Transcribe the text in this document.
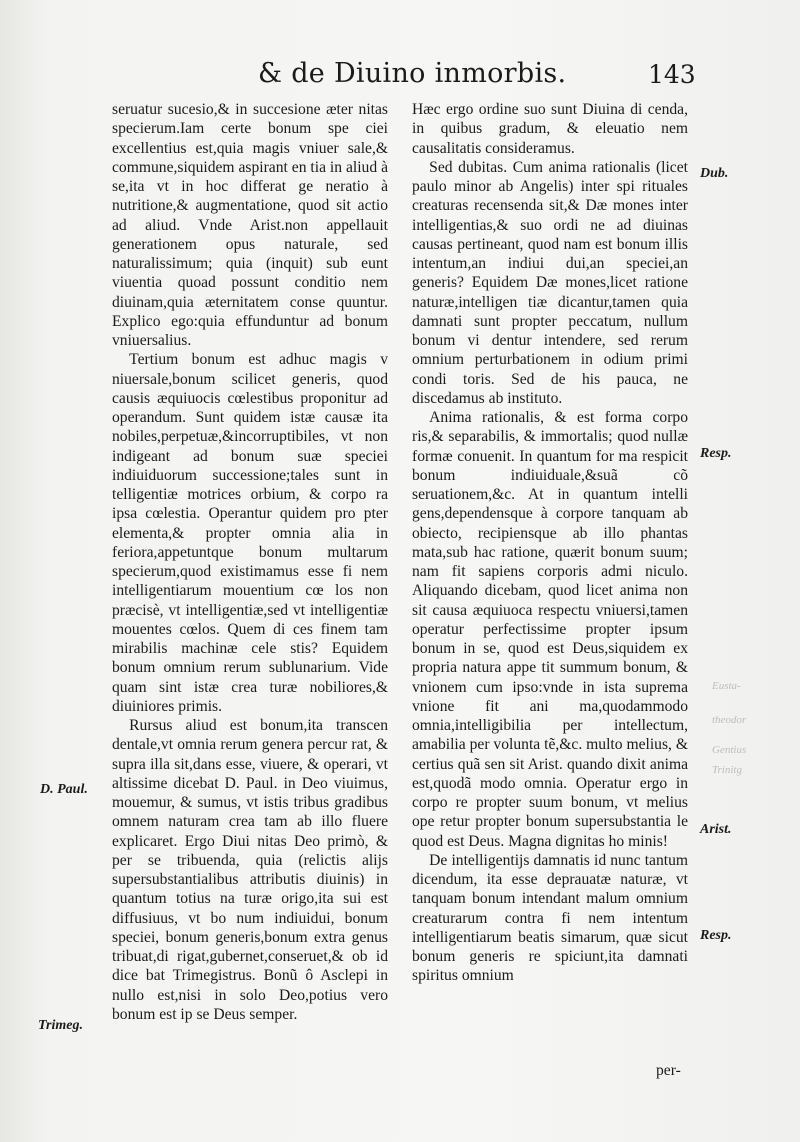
& de Diuino inmorbis.	143

seruatur sucesio,& in succesione æter nitas specierum.Iam certe bonum spe ciei excellentius est,quia magis vniuer sale,& commune,siquidem aspirant en tia in aliud à se,ita vt in hoc differat ge neratio à nutritione,& augmentatione, quod sit actio ad aliud. Vnde Arist.non appellauit generationem opus naturale, sed naturalissimum; quia (inquit) sub eunt viuentia quoad possunt conditio nem diuinam,quia æternitatem conse quuntur. Explico ego:quia effunduntur ad bonum vniuersalius.

Tertium bonum est adhuc magis v niuersale,bonum scilicet generis, quod causis æquiuocis cœlestibus proponitur ad operandum. Sunt quidem istæ causæ ita nobiles,perpetuæ,&incorruptibiles, vt non indigeant ad bonum suæ speciei indiuiduorum successione;tales sunt in telligentiæ motrices orbium, & corpo ra ipsa cœlestia. Operantur quidem pro pter elementa,& propter omnia alia in feriora,appetuntque bonum multarum specierum,quod existimamus esse fi nem intelligentiarum mouentium cœ los non præcisè, vt intelligentiæ,sed vt intelligentiæ mouentes cœlos. Quem di ces finem tam mirabilis machinæ cele stis? Equidem bonum omnium rerum sublunarium. Vide quam sint istæ crea turæ nobiliores,& diuiniores primis.

Rursus aliud est bonum,ita transcen dentale,vt omnia rerum genera percur rat, & supra illa sit,dans esse, viuere, & operari, vt altissime dicebat D. Paul. in Deo viuimus, mouemur, & sumus, vt istis tribus gradibus omnem naturam crea tam ab illo fluere explicaret. Ergo Diui nitas Deo primò, & per se tribuenda, quia (relictis alijs supersubstantialibus attributis diuinis) in quantum totius na turæ origo,ita sui est diffusiuus, vt bo num indiuidui, bonum speciei, bonum generis,bonum extra genus tribuat,di rigat,gubernet,conseruet,& ob id dice bat Trimegistrus. Bonũ ô Asclepi in nullo est,nisi in solo Deo,potius vero bonum est ip se Deus semper.

Hæc ergo ordine suo sunt Diuina di cenda, in quibus gradum, & eleuatio nem causalitatis consideramus.

Sed dubitas. Cum anima rationalis (licet paulo minor ab Angelis) inter spi rituales creaturas recensenda sit,& Dæ mones inter intelligentias,& suo ordi ne ad diuinas causas pertineant, quod nam est bonum illis intentum,an indiui dui,an speciei,an generis? Equidem Dæ mones,licet ratione naturæ,intelligen tiæ dicantur,tamen quia damnati sunt propter peccatum, nullum bonum vi dentur intendere, sed rerum omnium perturbationem in odium primi condi toris. Sed de his pauca, ne discedamus ab instituto.

Anima rationalis, & est forma corpo ris,& separabilis, & immortalis; quod nullæ formæ conuenit. In quantum for ma respicit bonum indiuiduale,&suã cõ seruationem,&c. At in quantum intelli gens,dependensque à corpore tanquam ab obiecto, recipiensque ab illo phantas mata,sub hac ratione, quærit bonum suum; nam fit sapiens corporis admi niculo. Aliquando dicebam, quod licet anima non sit causa æquiuoca respectu vniuersi,tamen operatur perfectissime propter ipsum bonum in se, quod est Deus,siquidem ex propria natura appe tit summum bonum, & vnionem cum ipso:vnde in ista suprema vnione fit ani ma,quodammodo omnia,intelligibilia per intellectum, amabilia per volunta tẽ,&c. multo melius, & certius quã sen sit Arist. quando dixit anima est,quodã modo omnia. Operatur ergo in corpo re propter suum bonum, vt melius ope retur propter bonum supersubstantia le quod est Deus. Magna dignitas ho minis!

De intelligentijs damnatis id nunc tantum dicendum, ita esse deprauatæ naturæ, vt tanquam bonum intendant malum omnium creaturarum contra fi nem intentum intelligentiarum beatis simarum, quæ sicut bonum generis re spiciunt,ita damnati spiritus omnium

per-
Dub.
Resp.
Arist.
Resp.
D. Paul.
Trimeg.
Eusta-
theodor
Gentius
Trinitg
